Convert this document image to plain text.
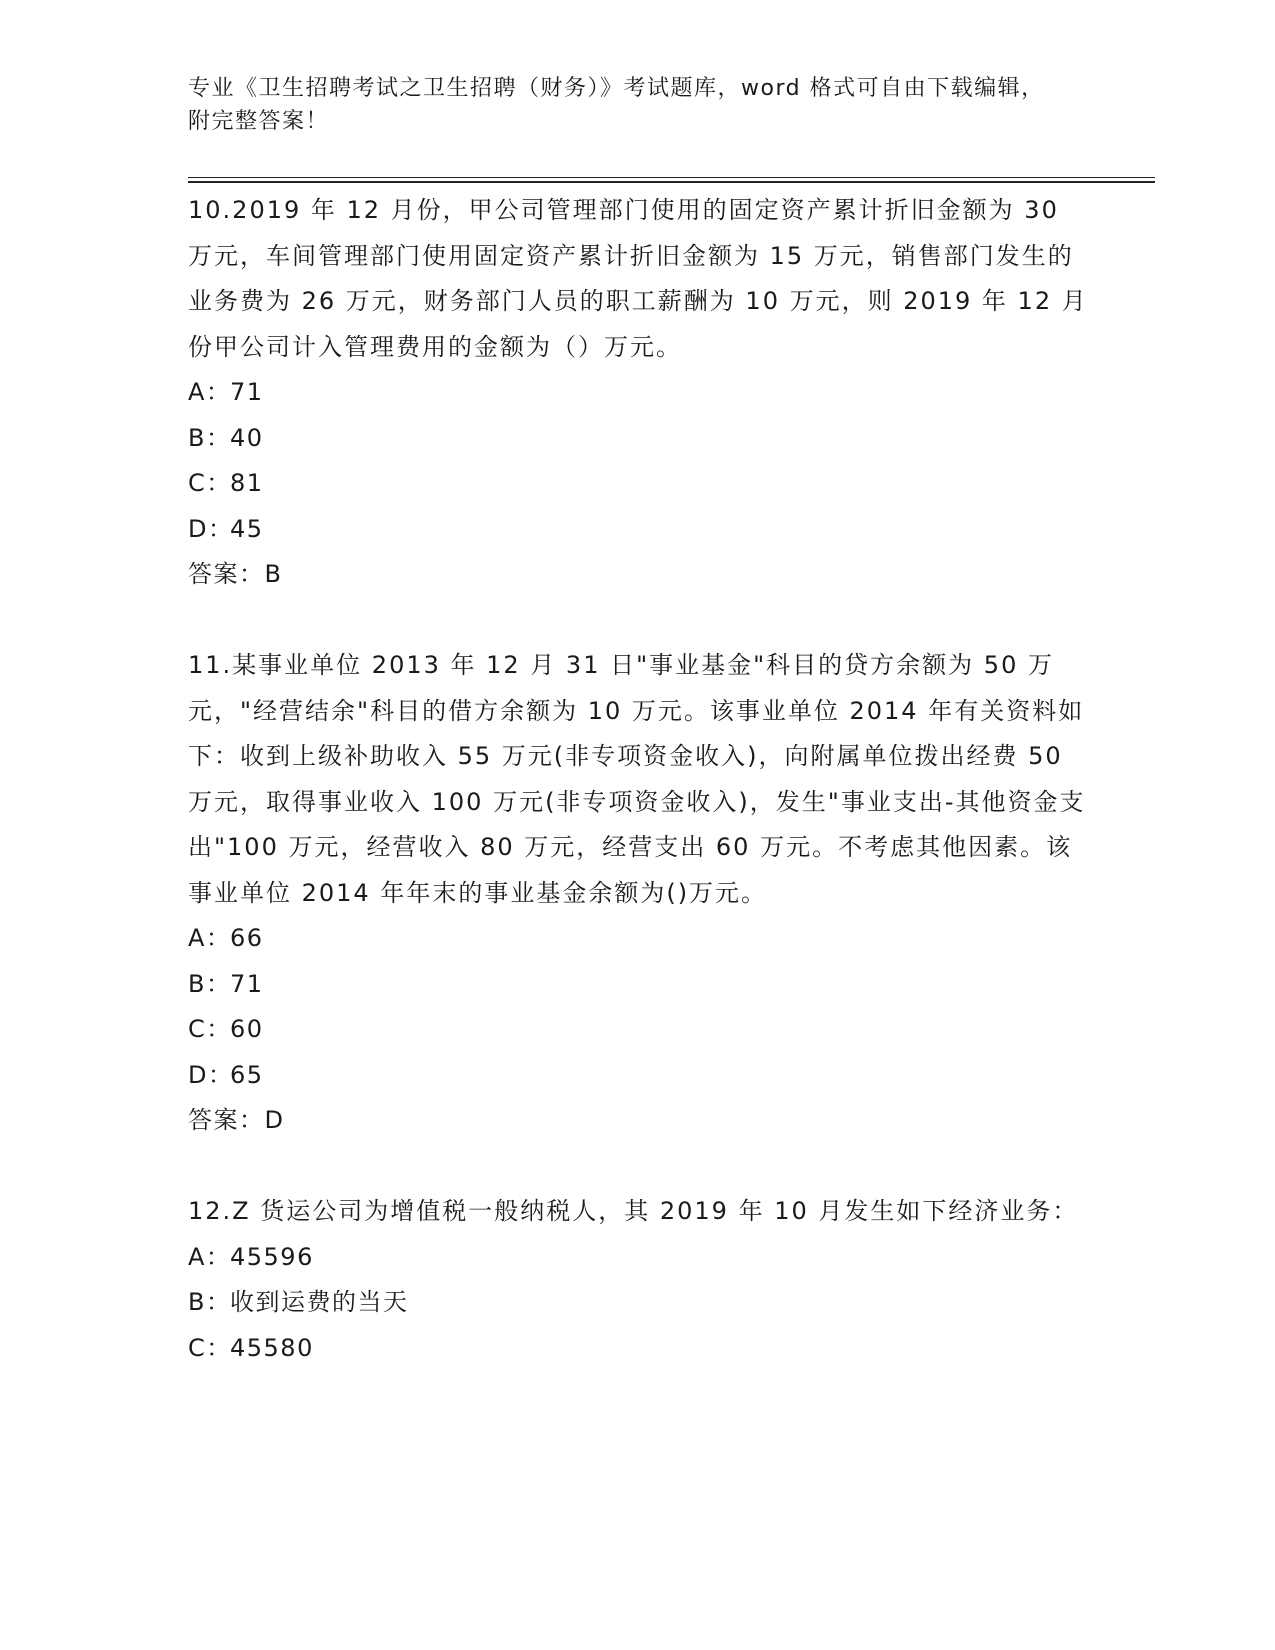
专业《卫生招聘考试之卫生招聘（财务）》考试题库，word 格式可自由下载编辑，附完整答案！

10.2019 年 12 月份，甲公司管理部门使用的固定资产累计折旧金额为 30 万元，车间管理部门使用固定资产累计折旧金额为 15 万元，销售部门发生的业务费为 26 万元，财务部门人员的职工薪酬为 10 万元，则 2019 年 12 月份甲公司计入管理费用的金额为（）万元。

A：71

B：40

C：81

D：45

答案：B

11.某事业单位 2013 年 12 月 31 日"事业基金"科目的贷方余额为 50 万元，"经营结余"科目的借方余额为 10 万元。该事业单位 2014 年有关资料如下：收到上级补助收入 55 万元(非专项资金收入)，向附属单位拨出经费 50 万元，取得事业收入 100 万元(非专项资金收入)，发生"事业支出-其他资金支出"100 万元，经营收入 80 万元，经营支出 60 万元。不考虑其他因素。该事业单位 2014 年年末的事业基金余额为()万元。

A：66

B：71

C：60

D：65

答案：D

12.Z 货运公司为增值税一般纳税人，其 2019 年 10 月发生如下经济业务：

A：45596

B：收到运费的当天

C：45580
